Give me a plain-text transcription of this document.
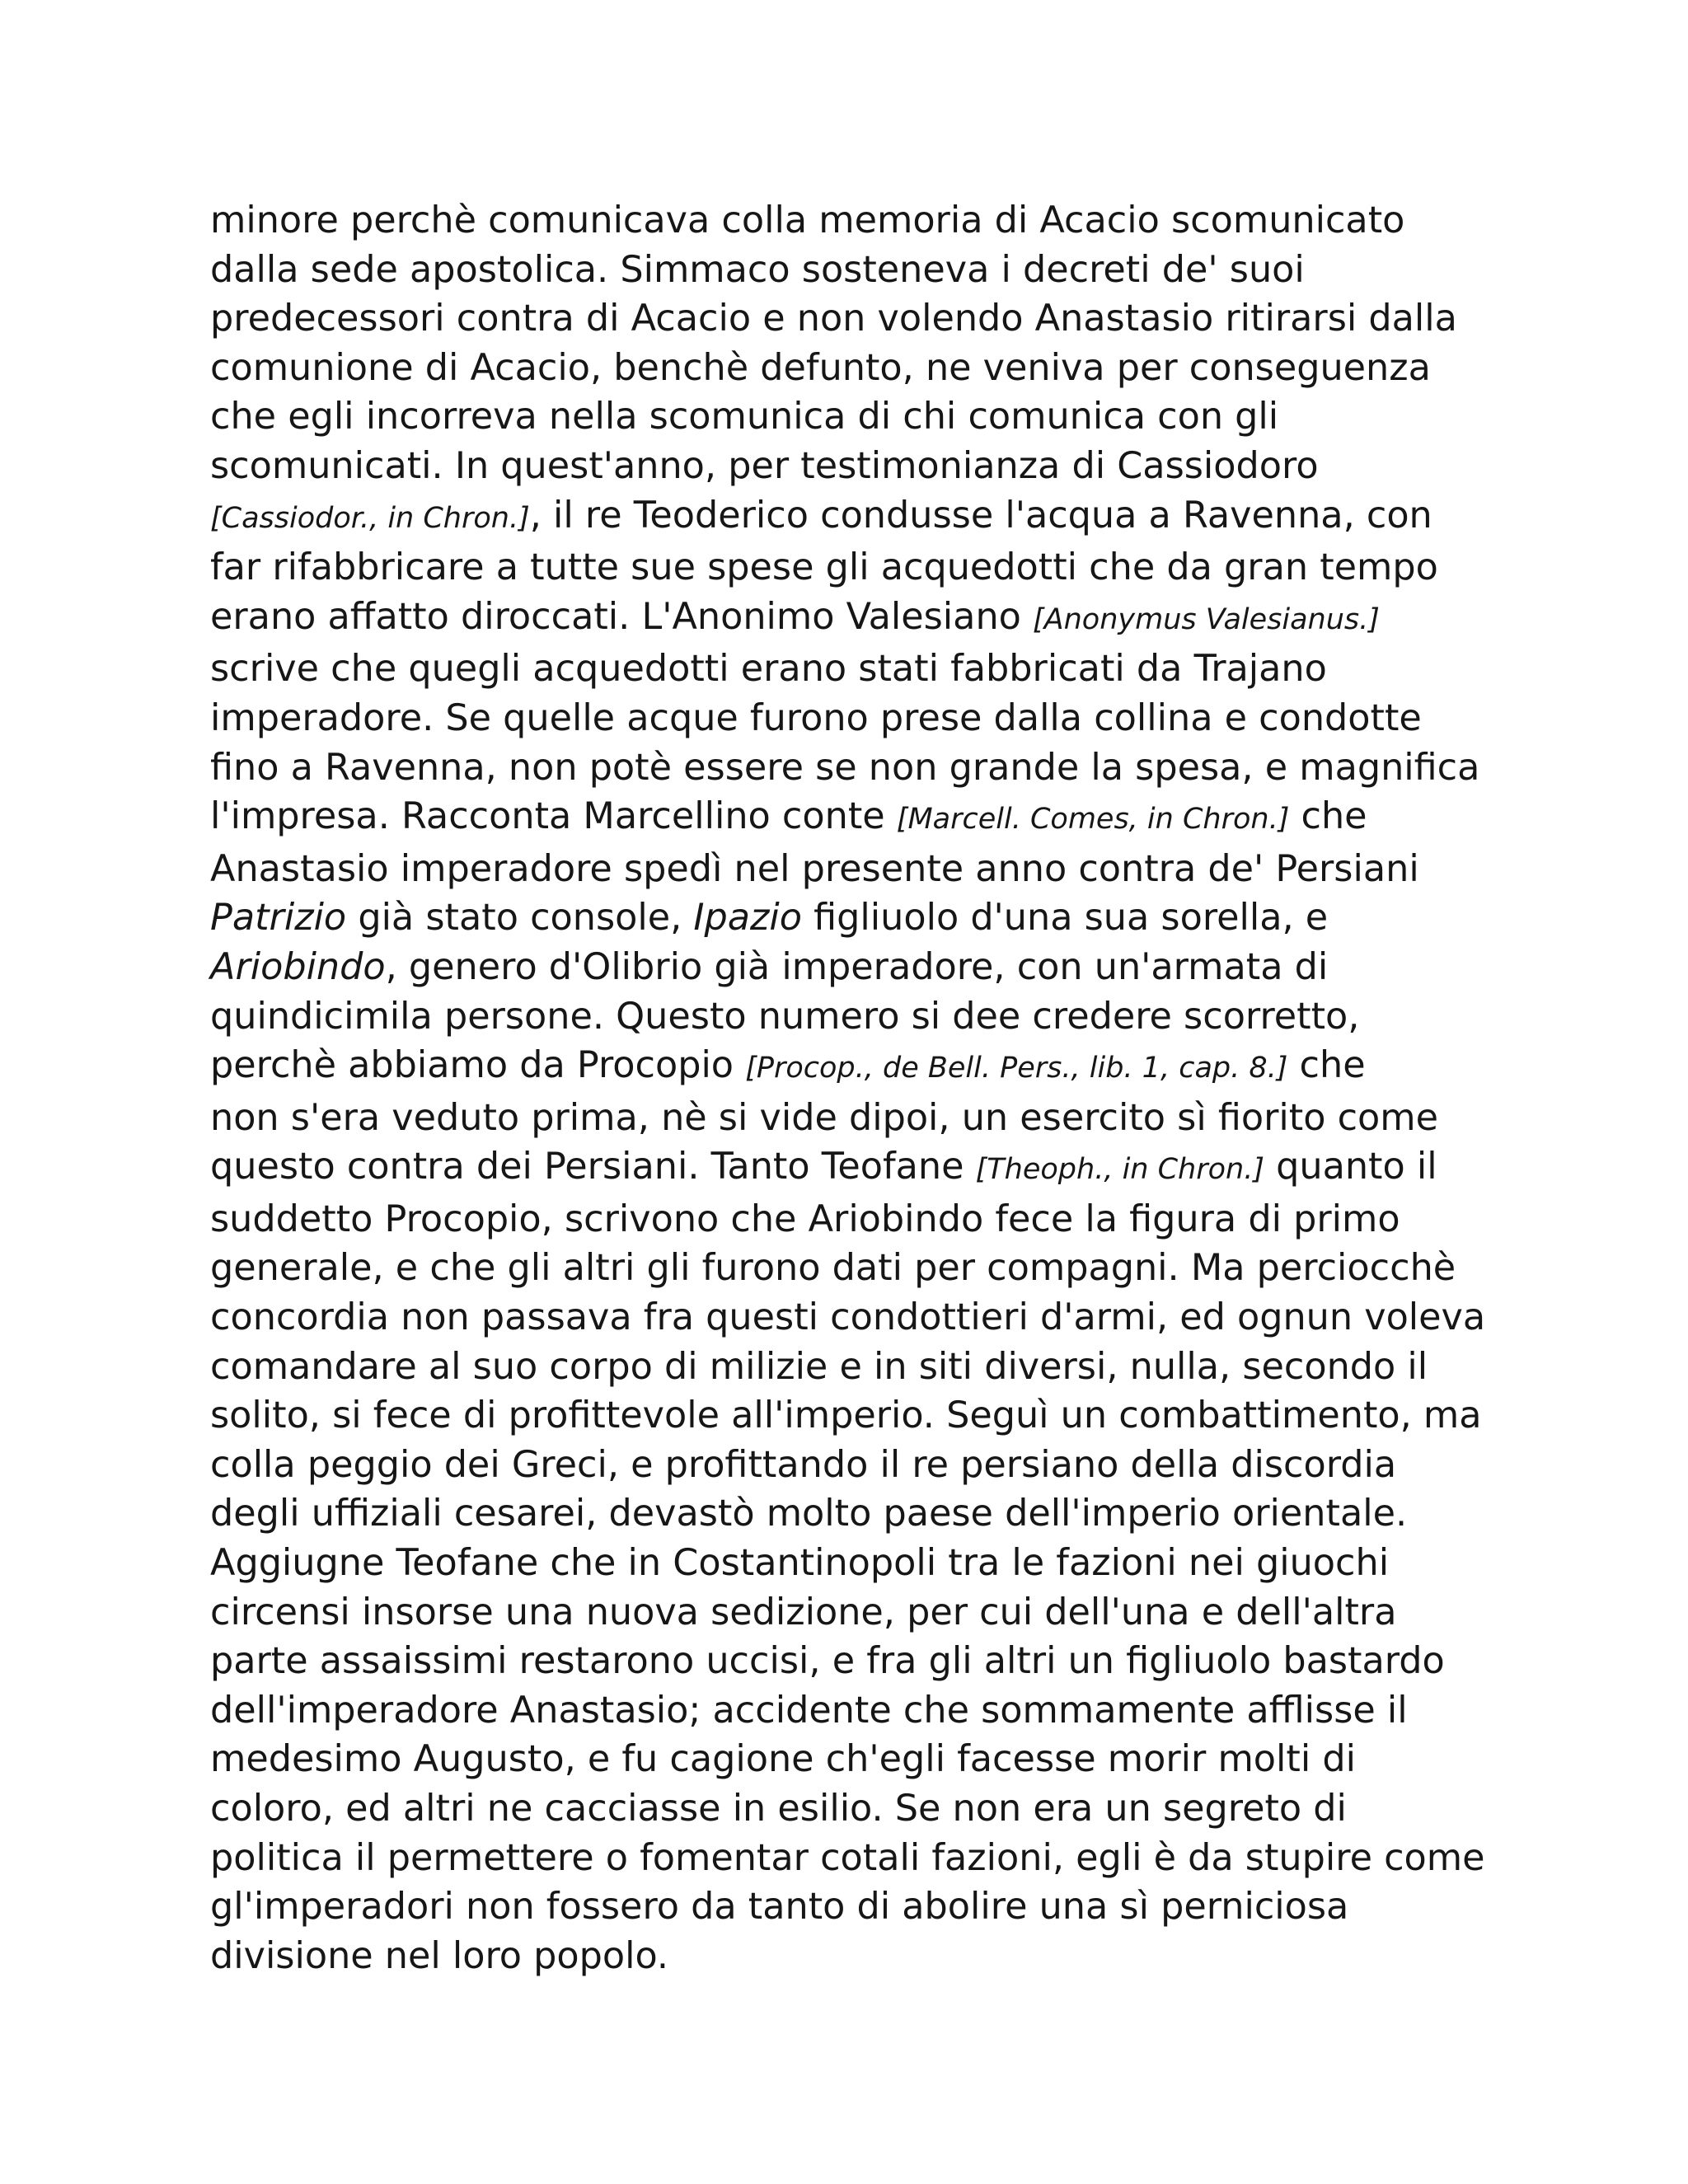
minore perchè comunicava colla memoria di Acacio scomunicato
dalla sede apostolica. Simmaco sosteneva i decreti de' suoi
predecessori contra di Acacio e non volendo Anastasio ritirarsi dalla
comunione di Acacio, benchè defunto, ne veniva per conseguenza
che egli incorreva nella scomunica di chi comunica con gli
scomunicati. In quest'anno, per testimonianza di Cassiodoro
[Cassiodor., in Chron.], il re Teoderico condusse l'acqua a Ravenna, con
far rifabbricare a tutte sue spese gli acquedotti che da gran tempo
erano affatto diroccati. L'Anonimo Valesiano [Anonymus Valesianus.]
scrive che quegli acquedotti erano stati fabbricati da Trajano
imperadore. Se quelle acque furono prese dalla collina e condotte
fino a Ravenna, non potè essere se non grande la spesa, e magnifica
l'impresa. Racconta Marcellino conte [Marcell. Comes, in Chron.] che
Anastasio imperadore spedì nel presente anno contra de' Persiani
Patrizio già stato console, Ipazio figliuolo d'una sua sorella, e
Ariobindo, genero d'Olibrio già imperadore, con un'armata di
quindicimila persone. Questo numero si dee credere scorretto,
perchè abbiamo da Procopio [Procop., de Bell. Pers., lib. 1, cap. 8.] che
non s'era veduto prima, nè si vide dipoi, un esercito sì fiorito come
questo contra dei Persiani. Tanto Teofane [Theoph., in Chron.] quanto il
suddetto Procopio, scrivono che Ariobindo fece la figura di primo
generale, e che gli altri gli furono dati per compagni. Ma perciocchè
concordia non passava fra questi condottieri d'armi, ed ognun voleva
comandare al suo corpo di milizie e in siti diversi, nulla, secondo il
solito, si fece di profittevole all'imperio. Seguì un combattimento, ma
colla peggio dei Greci, e profittando il re persiano della discordia
degli uffiziali cesarei, devastò molto paese dell'imperio orientale.
Aggiugne Teofane che in Costantinopoli tra le fazioni nei giuochi
circensi insorse una nuova sedizione, per cui dell'una e dell'altra
parte assaissimi restarono uccisi, e fra gli altri un figliuolo bastardo
dell'imperadore Anastasio; accidente che sommamente afflisse il
medesimo Augusto, e fu cagione ch'egli facesse morir molti di
coloro, ed altri ne cacciasse in esilio. Se non era un segreto di
politica il permettere o fomentar cotali fazioni, egli è da stupire come
gl'imperadori non fossero da tanto di abolire una sì perniciosa
divisione nel loro popolo.
